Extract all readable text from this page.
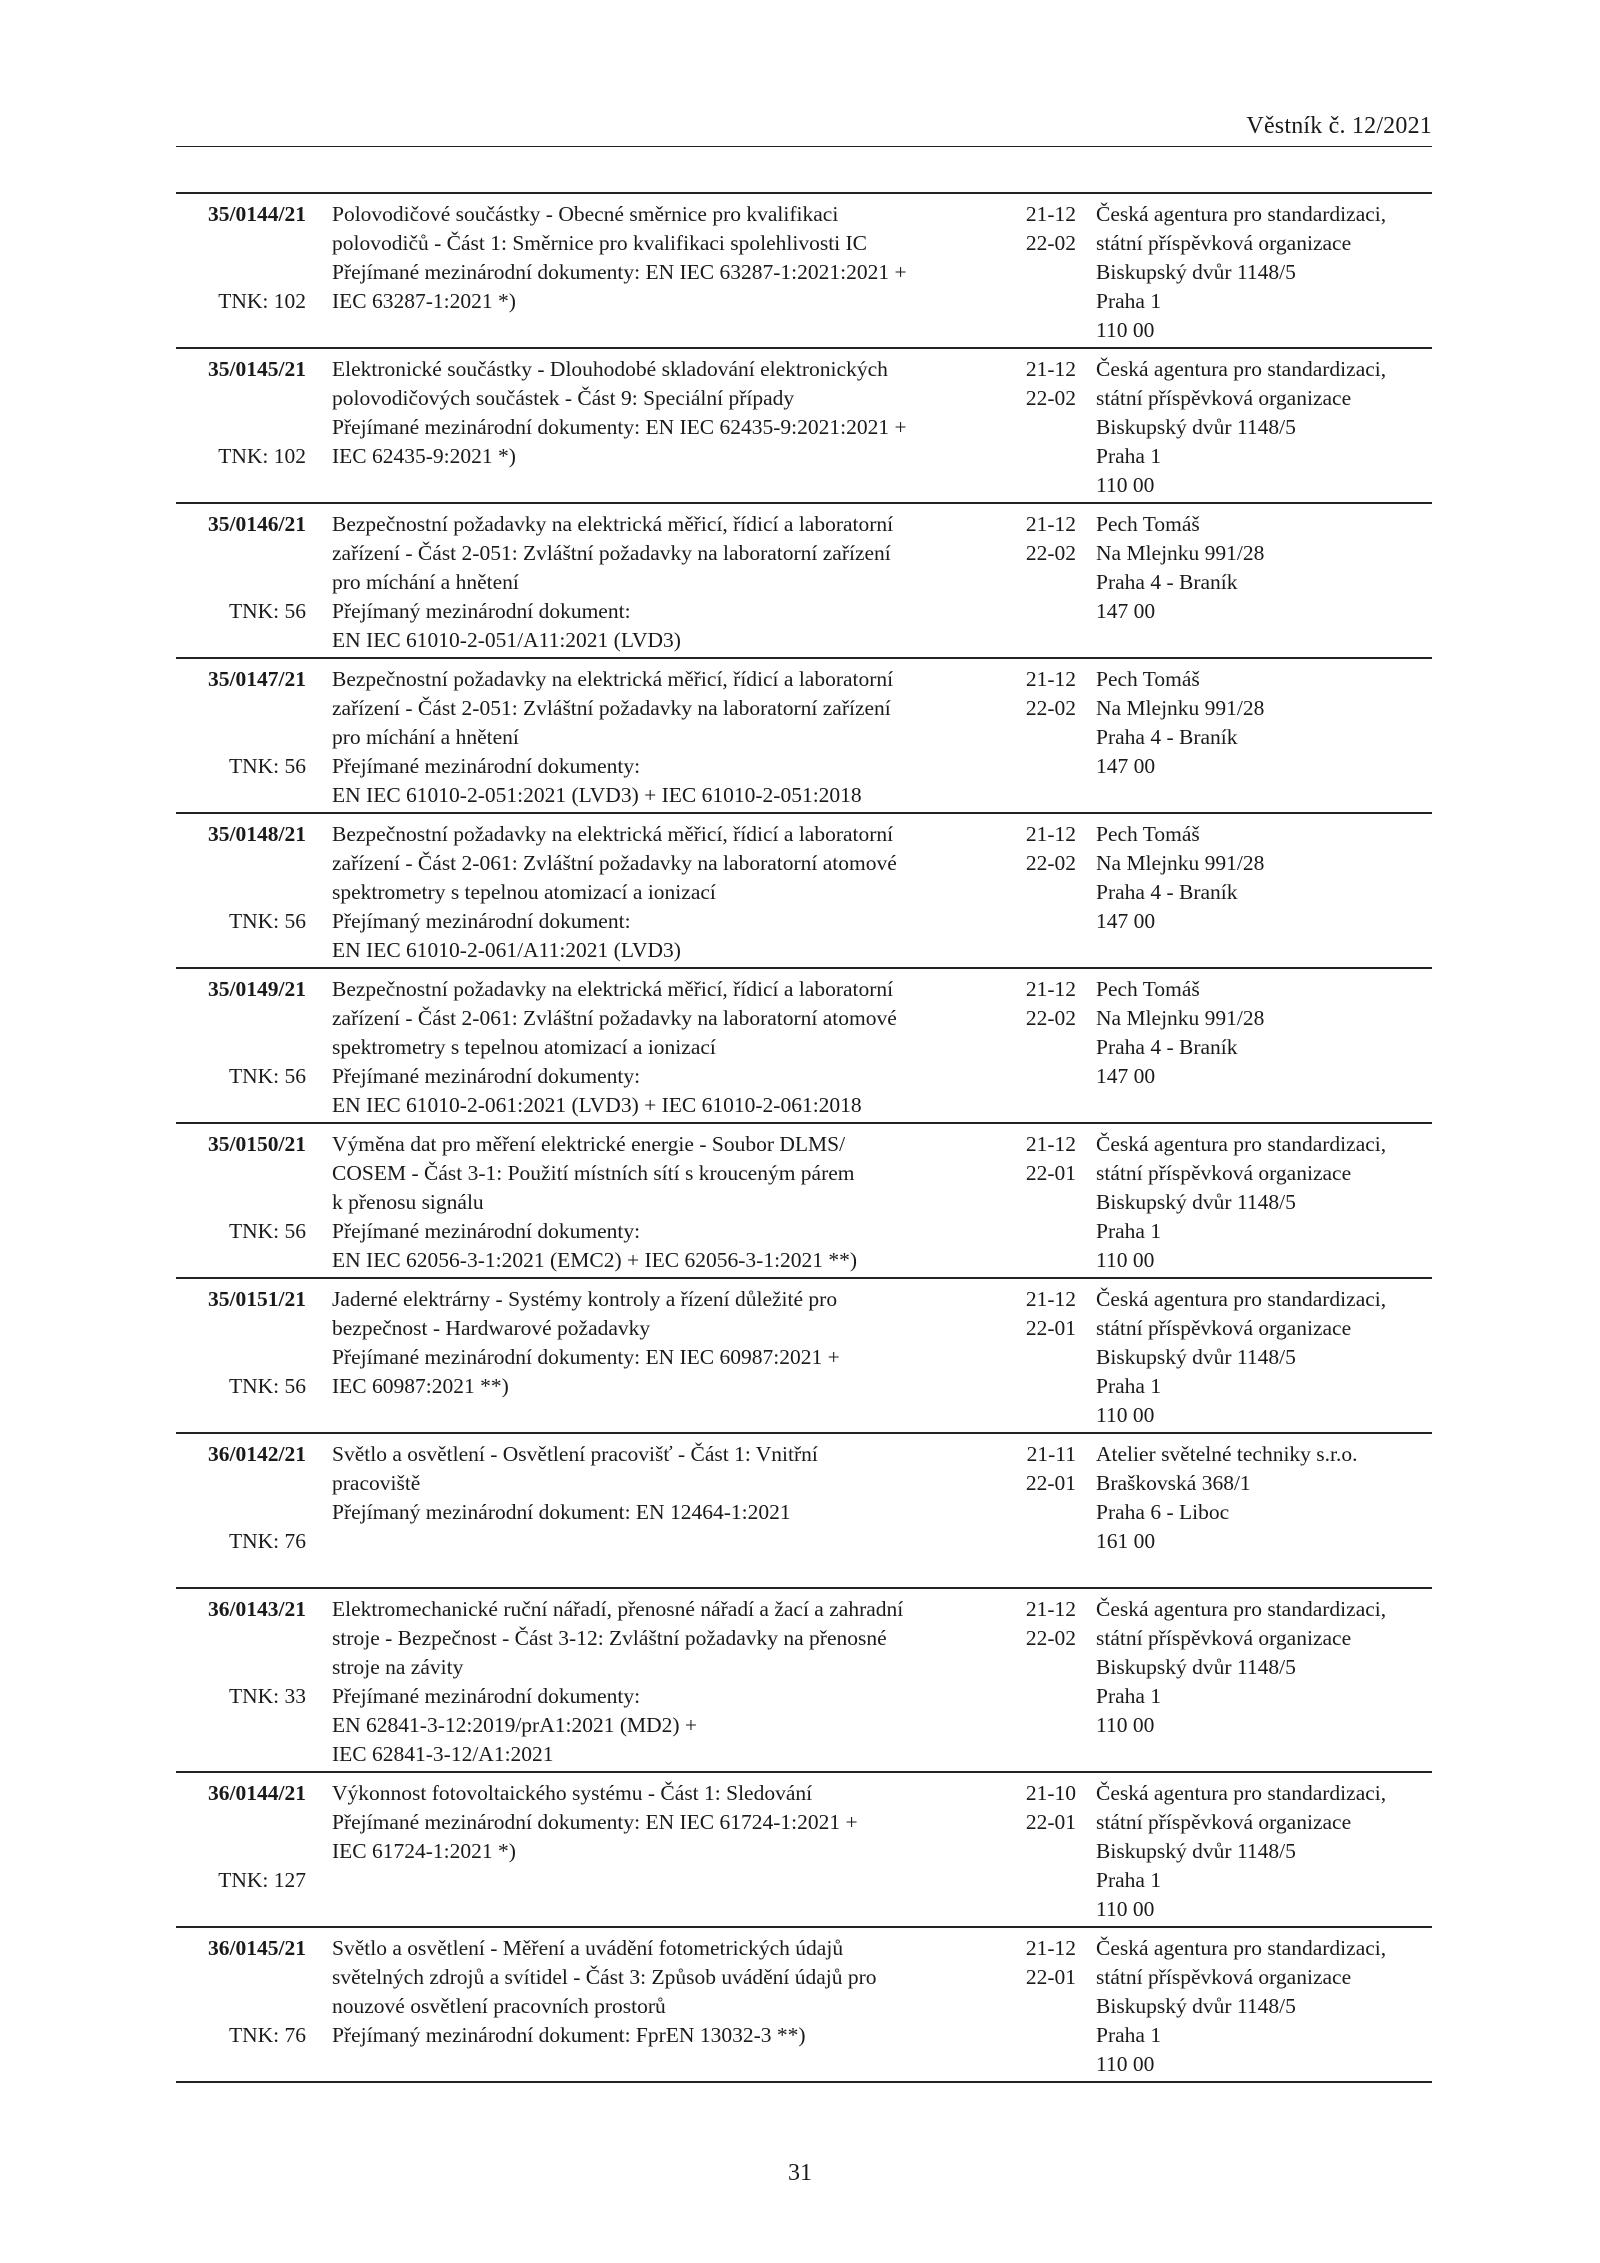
Věstník č. 12/2021
35/0144/21
TNK: 102
Polovodičové součástky - Obecné směrnice pro kvalifikaci
polovodičů - Část 1: Směrnice pro kvalifikaci spolehlivosti IC
Přejímané mezinárodní dokumenty: EN IEC 63287-1:2021:2021 +
IEC 63287-1:2021 *)
21-12
22-02
Česká agentura pro standardizaci,
státní příspěvková organizace
Biskupský dvůr 1148/5
Praha 1
110 00
35/0145/21
TNK: 102
Elektronické součástky - Dlouhodobé skladování elektronických
polovodičových součástek - Část 9: Speciální případy
Přejímané mezinárodní dokumenty: EN IEC 62435-9:2021:2021 +
IEC 62435-9:2021 *)
21-12
22-02
Česká agentura pro standardizaci,
státní příspěvková organizace
Biskupský dvůr 1148/5
Praha 1
110 00
35/0146/21
TNK: 56
Bezpečnostní požadavky na elektrická měřicí, řídicí a laboratorní
zařízení - Část 2-051: Zvláštní požadavky na laboratorní zařízení
pro míchání a hnětení
Přejímaný mezinárodní dokument:
EN IEC 61010-2-051/A11:2021 (LVD3)
21-12
22-02
Pech Tomáš
Na Mlejnku 991/28
Praha 4 - Braník
147 00
35/0147/21
TNK: 56
Bezpečnostní požadavky na elektrická měřicí, řídicí a laboratorní
zařízení - Část 2-051: Zvláštní požadavky na laboratorní zařízení
pro míchání a hnětení
Přejímané mezinárodní dokumenty:
EN IEC 61010-2-051:2021 (LVD3) + IEC 61010-2-051:2018
21-12
22-02
Pech Tomáš
Na Mlejnku 991/28
Praha 4 - Braník
147 00
35/0148/21
TNK: 56
Bezpečnostní požadavky na elektrická měřicí, řídicí a laboratorní
zařízení - Část 2-061: Zvláštní požadavky na laboratorní atomové
spektrometry s tepelnou atomizací a ionizací
Přejímaný mezinárodní dokument:
EN IEC 61010-2-061/A11:2021 (LVD3)
21-12
22-02
Pech Tomáš
Na Mlejnku 991/28
Praha 4 - Braník
147 00
35/0149/21
TNK: 56
Bezpečnostní požadavky na elektrická měřicí, řídicí a laboratorní
zařízení - Část 2-061: Zvláštní požadavky na laboratorní atomové
spektrometry s tepelnou atomizací a ionizací
Přejímané mezinárodní dokumenty:
EN IEC 61010-2-061:2021 (LVD3) + IEC 61010-2-061:2018
21-12
22-02
Pech Tomáš
Na Mlejnku 991/28
Praha 4 - Braník
147 00
35/0150/21
TNK: 56
Výměna dat pro měření elektrické energie - Soubor DLMS/
COSEM - Část 3-1: Použití místních sítí s krouceným párem
k přenosu signálu
Přejímané mezinárodní dokumenty:
EN IEC 62056-3-1:2021 (EMC2) + IEC 62056-3-1:2021 **)
21-12
22-01
Česká agentura pro standardizaci,
státní příspěvková organizace
Biskupský dvůr 1148/5
Praha 1
110 00
35/0151/21
TNK: 56
Jaderné elektrárny - Systémy kontroly a řízení důležité pro
bezpečnost - Hardwarové požadavky
Přejímané mezinárodní dokumenty: EN IEC 60987:2021 +
IEC 60987:2021 **)
21-12
22-01
Česká agentura pro standardizaci,
státní příspěvková organizace
Biskupský dvůr 1148/5
Praha 1
110 00
36/0142/21
TNK: 76
Světlo a osvětlení - Osvětlení pracovišť - Část 1: Vnitřní
pracoviště
Přejímaný mezinárodní dokument: EN 12464-1:2021
21-11
22-01
Atelier světelné techniky s.r.o.
Braškovská 368/1
Praha 6 - Liboc
161 00
36/0143/21
TNK: 33
Elektromechanické ruční nářadí, přenosné nářadí a žací a zahradní
stroje - Bezpečnost - Část 3-12: Zvláštní požadavky na přenosné
stroje na závity
Přejímané mezinárodní dokumenty:
EN 62841-3-12:2019/prA1:2021 (MD2) +
IEC 62841-3-12/A1:2021
21-12
22-02
Česká agentura pro standardizaci,
státní příspěvková organizace
Biskupský dvůr 1148/5
Praha 1
110 00
36/0144/21
TNK: 127
Výkonnost fotovoltaického systému - Část 1: Sledování
Přejímané mezinárodní dokumenty: EN IEC 61724-1:2021 +
IEC 61724-1:2021 *)
21-10
22-01
Česká agentura pro standardizaci,
státní příspěvková organizace
Biskupský dvůr 1148/5
Praha 1
110 00
36/0145/21
TNK: 76
Světlo a osvětlení - Měření a uvádění fotometrických údajů
světelných zdrojů a svítidel - Část 3: Způsob uvádění údajů pro
nouzové osvětlení pracovních prostorů
Přejímaný mezinárodní dokument: FprEN 13032-3 **)
21-12
22-01
Česká agentura pro standardizaci,
státní příspěvková organizace
Biskupský dvůr 1148/5
Praha 1
110 00
31
